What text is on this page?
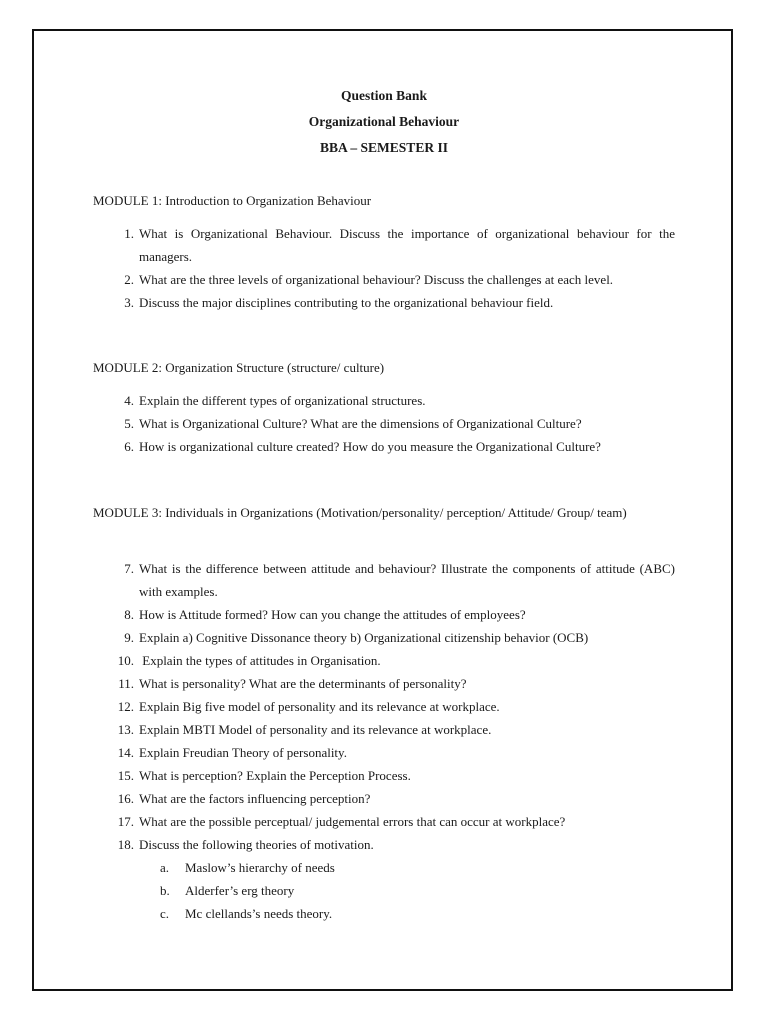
Question Bank
Organizational Behaviour
BBA – SEMESTER II
MODULE 1: Introduction to Organization Behaviour
1. What is Organizational Behaviour. Discuss the importance of organizational behaviour for the managers.
2. What are the three levels of organizational behaviour? Discuss the challenges at each level.
3. Discuss the major disciplines contributing to the organizational behaviour field.
MODULE 2: Organization Structure (structure/ culture)
4. Explain the different types of organizational structures.
5. What is Organizational Culture? What are the dimensions of Organizational Culture?
6. How is organizational culture created? How do you measure the Organizational Culture?
MODULE 3: Individuals in Organizations (Motivation/personality/ perception/ Attitude/ Group/ team)
7. What is the difference between attitude and behaviour? Illustrate the components of attitude (ABC) with examples.
8. How is Attitude formed? How can you change the attitudes of employees?
9. Explain a) Cognitive Dissonance theory b) Organizational citizenship behavior (OCB)
10. Explain the types of attitudes in Organisation.
11. What is personality? What are the determinants of personality?
12. Explain Big five model of personality and its relevance at workplace.
13. Explain MBTI Model of personality and its relevance at workplace.
14. Explain Freudian Theory of personality.
15. What is perception? Explain the Perception Process.
16. What are the factors influencing perception?
17. What are the possible perceptual/ judgemental errors that can occur at workplace?
18. Discuss the following theories of motivation.
a.	Maslow’s hierarchy of needs
b.	Alderfer’s erg theory
c.	Mc clellands’s needs theory.
